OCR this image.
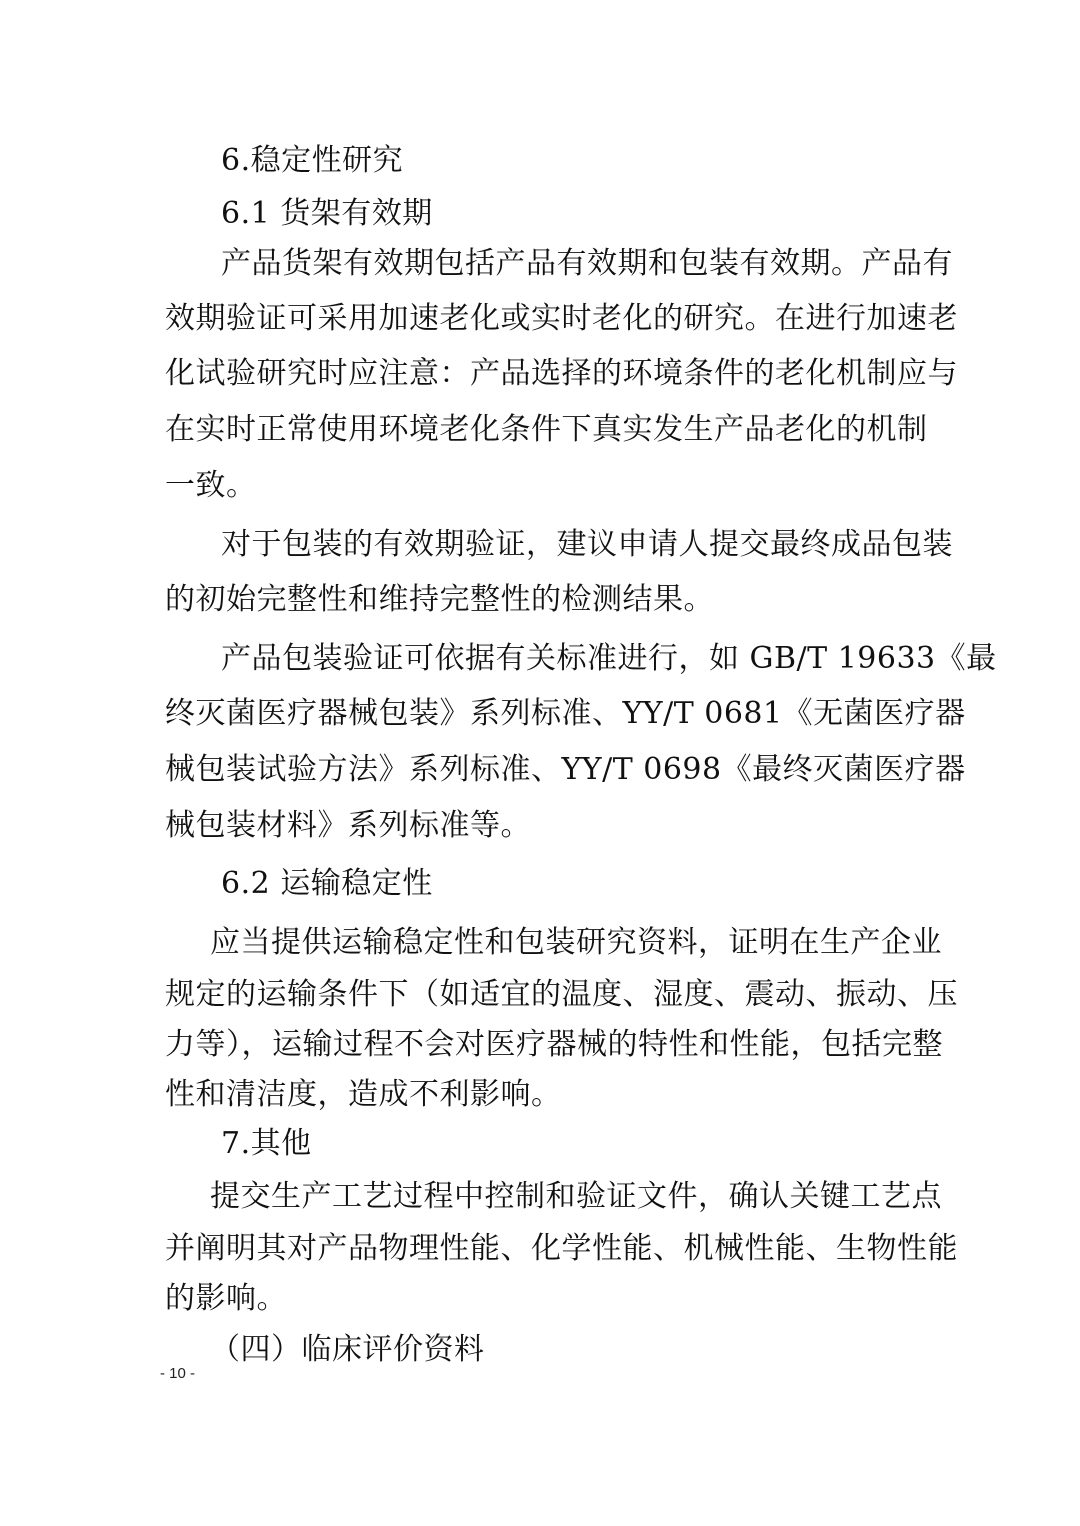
6.稳定性研究
6.1 货架有效期
产品货架有效期包括产品有效期和包装有效期。产品有
效期验证可采用加速老化或实时老化的研究。在进行加速老
化试验研究时应注意：产品选择的环境条件的老化机制应与
在实时正常使用环境老化条件下真实发生产品老化的机制
一致。
对于包装的有效期验证，建议申请人提交最终成品包装
的初始完整性和维持完整性的检测结果。
产品包装验证可依据有关标准进行，如 GB/T 19633《最
终灭菌医疗器械包装》系列标准、YY/T 0681《无菌医疗器
械包装试验方法》系列标准、YY/T 0698《最终灭菌医疗器
械包装材料》系列标准等。
6.2 运输稳定性
应当提供运输稳定性和包装研究资料，证明在生产企业
规定的运输条件下（如适宜的温度、湿度、震动、振动、压
力等），运输过程不会对医疗器械的特性和性能，包括完整
性和清洁度，造成不利影响。
7.其他
提交生产工艺过程中控制和验证文件，确认关键工艺点
并阐明其对产品物理性能、化学性能、机械性能、生物性能
的影响。
（四）临床评价资料
- 10 -
